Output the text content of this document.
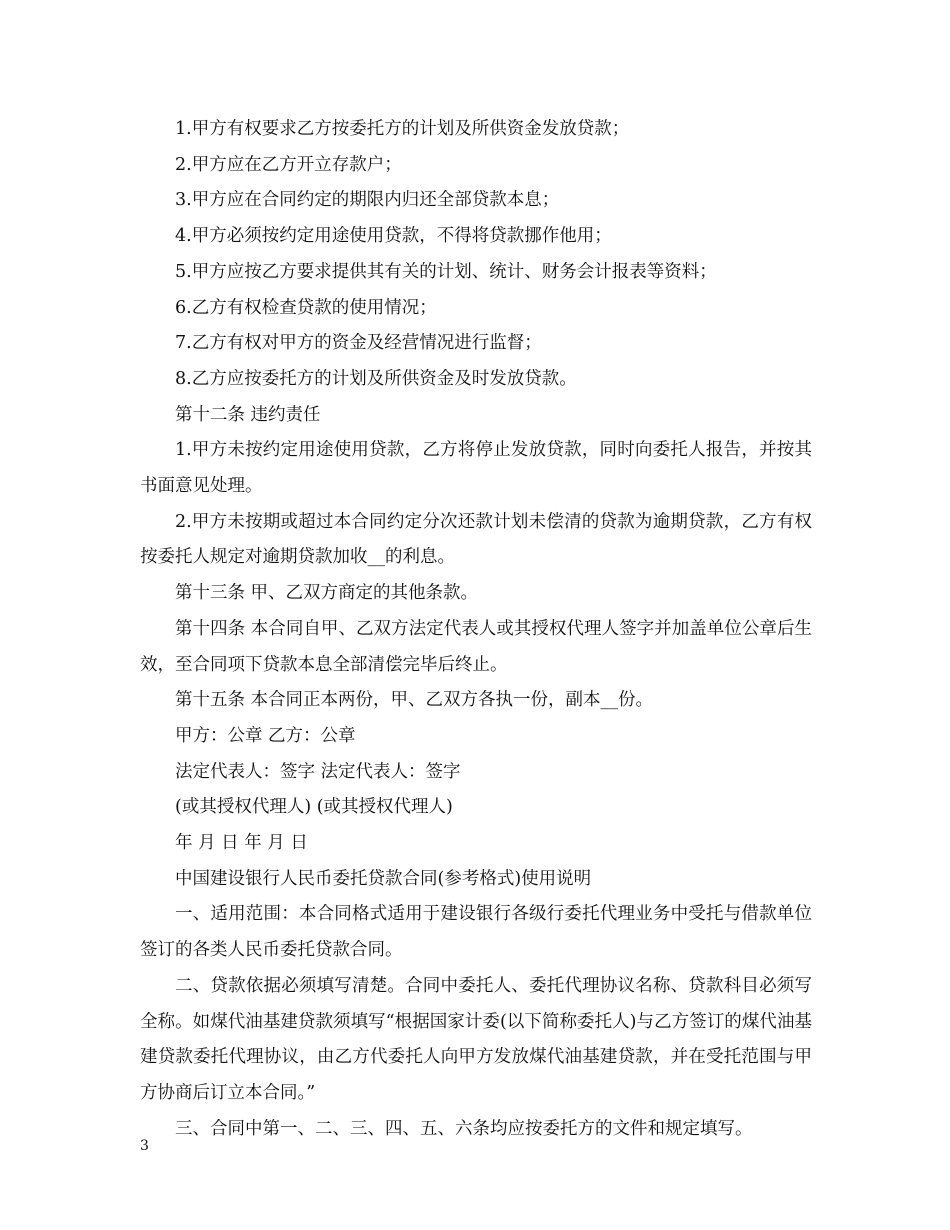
1.甲方有权要求乙方按委托方的计划及所供资金发放贷款；

2.甲方应在乙方开立存款户；

3.甲方应在合同约定的期限内归还全部贷款本息；

4.甲方必须按约定用途使用贷款，不得将贷款挪作他用；

5.甲方应按乙方要求提供其有关的计划、统计、财务会计报表等资料；

6.乙方有权检查贷款的使用情况；

7.乙方有权对甲方的资金及经营情况进行监督；

8.乙方应按委托方的计划及所供资金及时发放贷款。

第十二条 违约责任

1.甲方未按约定用途使用贷款，乙方将停止发放贷款，同时向委托人报告，并按其书面意见处理。

2.甲方未按期或超过本合同约定分次还款计划未偿清的贷款为逾期贷款，乙方有权按委托人规定对逾期贷款加收__的利息。

第十三条 甲、乙双方商定的其他条款。

第十四条 本合同自甲、乙双方法定代表人或其授权代理人签字并加盖单位公章后生效，至合同项下贷款本息全部清偿完毕后终止。

第十五条 本合同正本两份，甲、乙双方各执一份，副本__份。

甲方：公章 乙方：公章

法定代表人：签字 法定代表人：签字

(或其授权代理人) (或其授权代理人)

年 月 日 年 月 日

中国建设银行人民币委托贷款合同(参考格式)使用说明

一、适用范围：本合同格式适用于建设银行各级行委托代理业务中受托与借款单位签订的各类人民币委托贷款合同。

二、贷款依据必须填写清楚。合同中委托人、委托代理协议名称、贷款科目必须写全称。如煤代油基建贷款须填写“根据国家计委(以下简称委托人)与乙方签订的煤代油基建贷款委托代理协议，由乙方代委托人向甲方发放煤代油基建贷款，并在受托范围与甲方协商后订立本合同。”

三、合同中第一、二、三、四、五、六条均应按委托方的文件和规定填写。

3
